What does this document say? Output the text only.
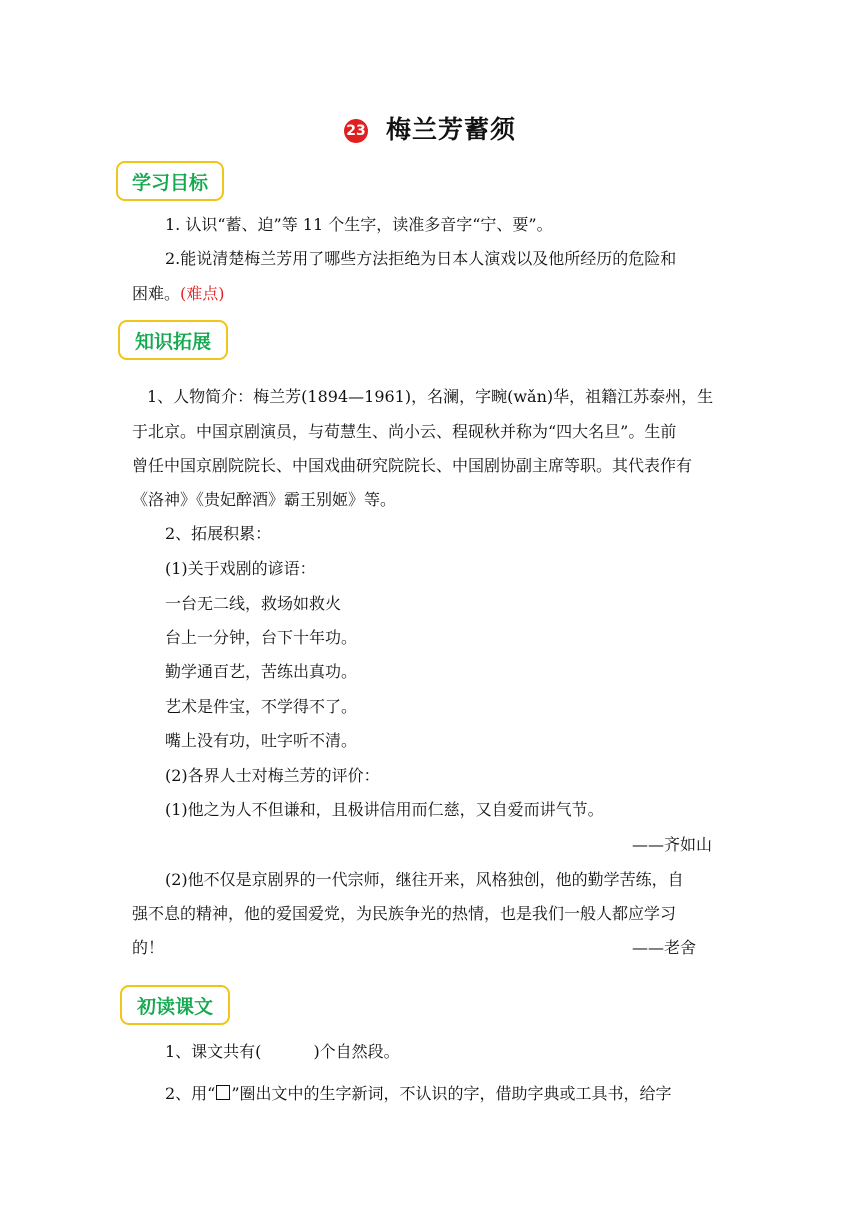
23 梅兰芳蓄须
学习目标
1. 认识“蓄、迫”等 11 个生字，读准多音字“宁、要”。
2.能说清楚梅兰芳用了哪些方法拒绝为日本人演戏以及他所经历的危险和
困难。(难点)
知识拓展
1、人物简介：梅兰芳(1894—1961)，名澜，字畹(wǎn)华，祖籍江苏泰州，生
于北京。中国京剧演员，与荀慧生、尚小云、程砚秋并称为“四大名旦”。生前
曾任中国京剧院院长、中国戏曲研究院院长、中国剧协副主席等职。其代表作有
《洛神》《贵妃醉酒》霸王别姬》等。
2、拓展积累：
(1)关于戏剧的谚语：
一台无二线，救场如救火
台上一分钟，台下十年功。
勤学通百艺，苦练出真功。
艺术是件宝，不学得不了。
嘴上没有功，吐字听不清。
(2)各界人士对梅兰芳的评价：
(1)他之为人不但谦和，且极讲信用而仁慈，又自爱而讲气节。
——齐如山
(2)他不仅是京剧界的一代宗师，继往开来，风格独创，他的勤学苦练，自
强不息的精神，他的爱国爱党，为民族争光的热情，也是我们一般人都应学习
的！	——老舍
初读课文
1、课文共有(	)个自然段。
2、用“ ”圈出文中的生字新词，不认识的字，借助字典或工具书，给字
